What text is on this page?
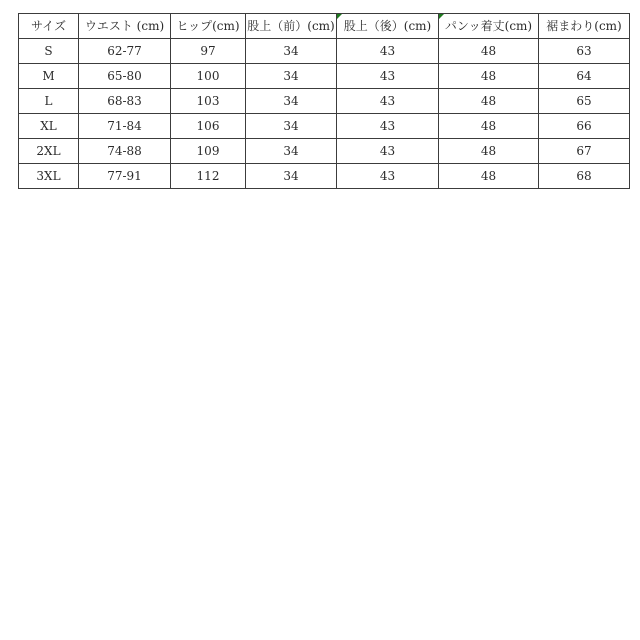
サイズ	ウエスト (cm)	ヒップ(cm)	股上（前）(cm)	股上（後）(cm)	パンッ着丈(cm)	裾まわり(cm)
S	62-77	97	34	43	48	63
M	65-80	100	34	43	48	64
L	68-83	103	34	43	48	65
XL	71-84	106	34	43	48	66
2XL	74-88	109	34	43	48	67
3XL	77-91	112	34	43	48	68
